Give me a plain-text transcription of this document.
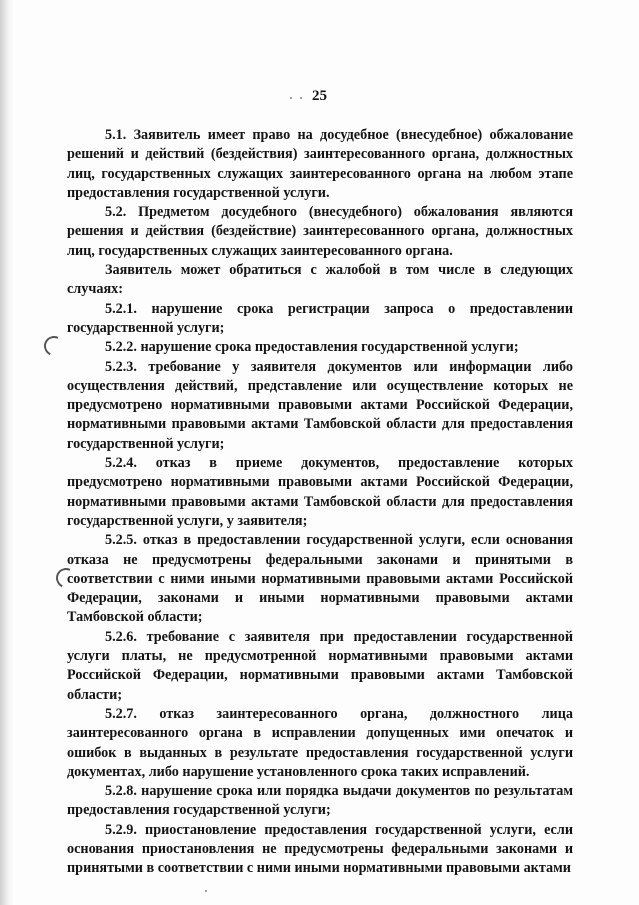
25

5.1. Заявитель имеет право на досудебное (внесудебное) обжалование решений и действий (бездействия) заинтересованного органа, должностных лиц, государственных служащих заинтересованного органа на любом этапе предоставления государственной услуги.

5.2. Предметом досудебного (внесудебного) обжалования являются решения и действия (бездействие) заинтересованного органа, должностных лиц, государственных служащих заинтересованного органа.

Заявитель может обратиться с жалобой в том числе в следующих случаях:

5.2.1. нарушение срока регистрации запроса о предоставлении государственной услуги;

5.2.2. нарушение срока предоставления государственной услуги;

5.2.3. требование у заявителя документов или информации либо осуществления действий, представление или осуществление которых не предусмотрено нормативными правовыми актами Российской Федерации, нормативными правовыми актами Тамбовской области для предоставления государственной услуги;

5.2.4. отказ в приеме документов, предоставление которых предусмотрено нормативными правовыми актами Российской Федерации, нормативными правовыми актами Тамбовской области для предоставления государственной услуги, у заявителя;

5.2.5. отказ в предоставлении государственной услуги, если основания отказа не предусмотрены федеральными законами и принятыми в соответствии с ними иными нормативными правовыми актами Российской Федерации, законами и иными нормативными правовыми актами Тамбовской области;

5.2.6. требование с заявителя при предоставлении государственной услуги платы, не предусмотренной нормативными правовыми актами Российской Федерации, нормативными правовыми актами Тамбовской области;

5.2.7. отказ заинтересованного органа, должностного лица заинтересованного органа в исправлении допущенных ими опечаток и ошибок в выданных в результате предоставления государственной услуги документах, либо нарушение установленного срока таких исправлений.

5.2.8. нарушение срока или порядка выдачи документов по результатам предоставления государственной услуги;

5.2.9. приостановление предоставления государственной услуги, если основания приостановления не предусмотрены федеральными законами и принятыми в соответствии с ними иными нормативными правовыми актами
